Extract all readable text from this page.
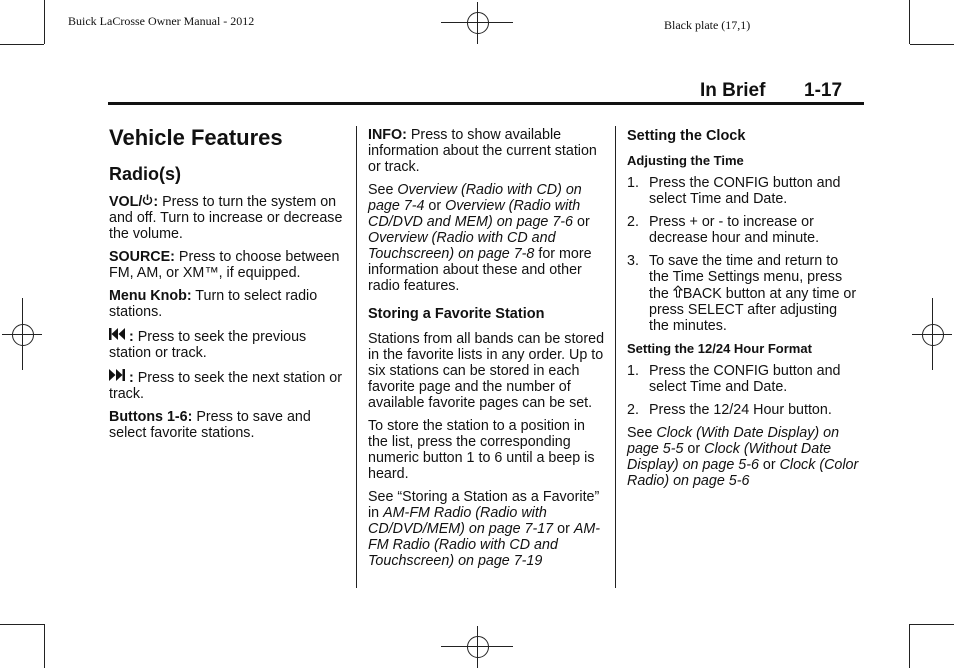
Buick LaCrosse Owner Manual - 2012	Black plate (17,1)
In Brief 1-17
Vehicle Features
Radio(s)

VOL/ : Press to turn the system on and off. Turn to increase or decrease the volume.

SOURCE: Press to choose between FM, AM, or XM™, if equipped.

Menu Knob: Turn to select radio stations.

: Press to seek the previous station or track.

: Press to seek the next station or track.

Buttons 1-6: Press to save and select favorite stations.

INFO: Press to show available information about the current station or track.

See Overview (Radio with CD) on page 7-4 or Overview (Radio with CD/DVD and MEM) on page 7-6 or Overview (Radio with CD and Touchscreen) on page 7-8 for more information about these and other radio features.

Storing a Favorite Station

Stations from all bands can be stored in the favorite lists in any order. Up to six stations can be stored in each favorite page and the number of available favorite pages can be set.

To store the station to a position in the list, press the corresponding numeric button 1 to 6 until a beep is heard.

See “Storing a Station as a Favorite” in AM-FM Radio (Radio with CD/DVD/MEM) on page 7-17 or AM-FM Radio (Radio with CD and Touchscreen) on page 7-19

Setting the Clock
Adjusting the Time
1. Press the CONFIG button and select Time and Date.
2. Press + or - to increase or decrease hour and minute.
3. To save the time and return to the Time Settings menu, press the BACK button at any time or press SELECT after adjusting the minutes.
Setting the 12/24 Hour Format
1. Press the CONFIG button and select Time and Date.
2. Press the 12/24 Hour button.

See Clock (With Date Display) on page 5-5 or Clock (Without Date Display) on page 5-6 or Clock (Color Radio) on page 5-6
